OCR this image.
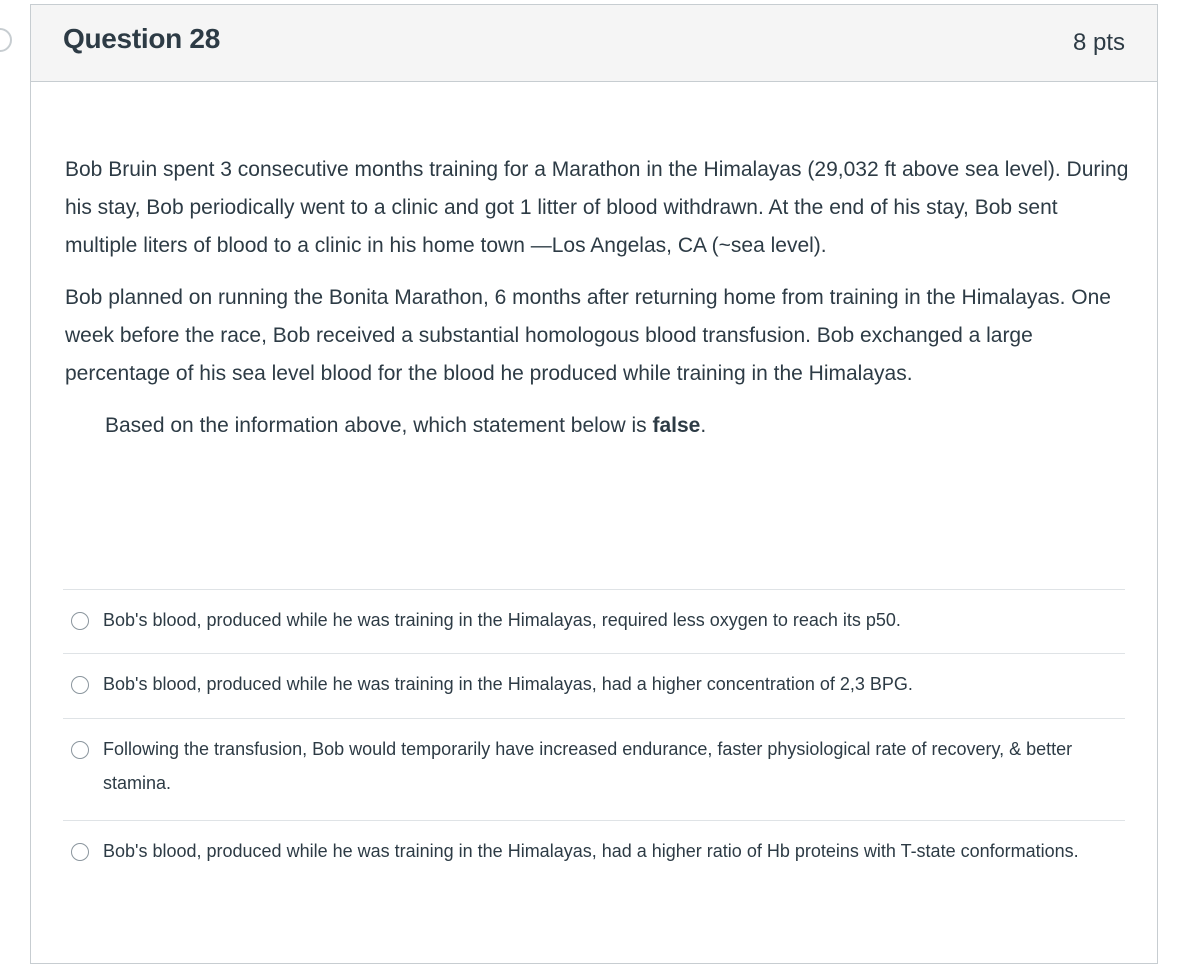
Question 28	8 pts

Bob Bruin spent 3 consecutive months training for a Marathon in the Himalayas (29,032 ft above sea level). During his stay, Bob periodically went to a clinic and got 1 litter of blood withdrawn. At the end of his stay, Bob sent multiple liters of blood to a clinic in his home town —Los Angelas, CA (~sea level).

Bob planned on running the Bonita Marathon, 6 months after returning home from training in the Himalayas. One week before the race, Bob received a substantial homologous blood transfusion. Bob exchanged a large percentage of his sea level blood for the blood he produced while training in the Himalayas.

Based on the information above, which statement below is false.

Bob's blood, produced while he was training in the Himalayas, required less oxygen to reach its p50.
Bob's blood, produced while he was training in the Himalayas, had a higher concentration of 2,3 BPG.
Following the transfusion, Bob would temporarily have increased endurance, faster physiological rate of recovery, & better stamina.
Bob's blood, produced while he was training in the Himalayas, had a higher ratio of Hb proteins with T-state conformations.
